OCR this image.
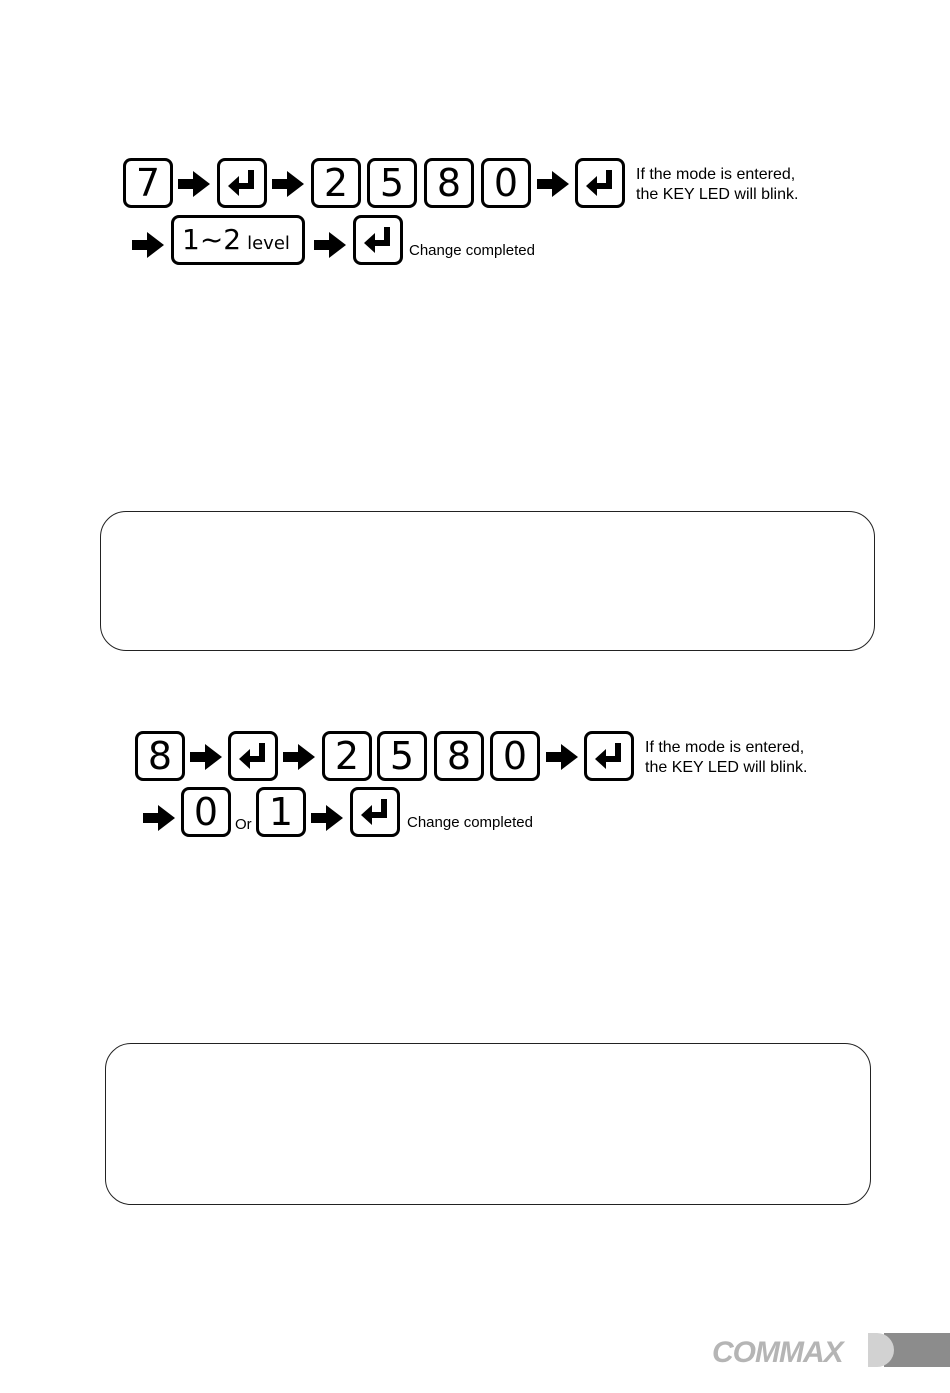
7	2 5 8 0	If the mode is entered,
the KEY LED will blink.
1~2 level	Change completed
8	2 5 8 0	If the mode is entered,
the KEY LED will blink.
0 Or 1	Change completed
COMMAX
